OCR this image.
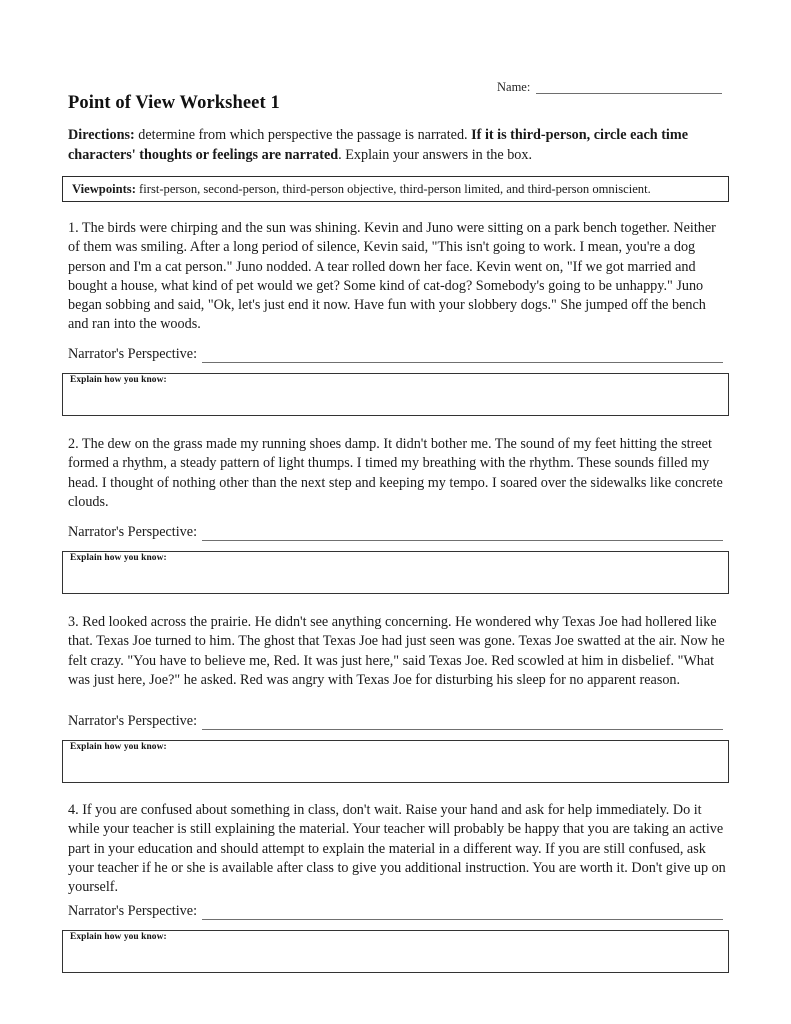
Name:
Point of View Worksheet 1
Directions: determine from which perspective the passage is narrated. If it is third-person, circle each time characters' thoughts or feelings are narrated. Explain your answers in the box.
Viewpoints: first-person, second-person, third-person objective, third-person limited, and third-person omniscient.
1. The birds were chirping and the sun was shining. Kevin and Juno were sitting on a park bench together. Neither of them was smiling. After a long period of silence, Kevin said, "This isn't going to work. I mean, you're a dog person and I'm a cat person." Juno nodded. A tear rolled down her face. Kevin went on, "If we got married and bought a house, what kind of pet would we get? Some kind of cat-dog? Somebody's going to be unhappy." Juno began sobbing and said, "Ok, let's just end it now. Have fun with your slobbery dogs." She jumped off the bench and ran into the woods.
Narrator's Perspective:
Explain how you know:
2. The dew on the grass made my running shoes damp. It didn't bother me. The sound of my feet hitting the street formed a rhythm, a steady pattern of light thumps. I timed my breathing with the rhythm. These sounds filled my head. I thought of nothing other than the next step and keeping my tempo. I soared over the sidewalks like concrete clouds.
Narrator's Perspective:
Explain how you know:
3. Red looked across the prairie. He didn't see anything concerning. He wondered why Texas Joe had hollered like that. Texas Joe turned to him. The ghost that Texas Joe had just seen was gone. Texas Joe swatted at the air. Now he felt crazy. "You have to believe me, Red. It was just here," said Texas Joe. Red scowled at him in disbelief. "What was just here, Joe?" he asked. Red was angry with Texas Joe for disturbing his sleep for no apparent reason.
Narrator's Perspective:
Explain how you know:
4. If you are confused about something in class, don't wait. Raise your hand and ask for help immediately. Do it while your teacher is still explaining the material. Your teacher will probably be happy that you are taking an active part in your education and should attempt to explain the material in a different way. If you are still confused, ask your teacher if he or she is available after class to give you additional instruction. You are worth it. Don't give up on yourself.
Narrator's Perspective:
Explain how you know:
